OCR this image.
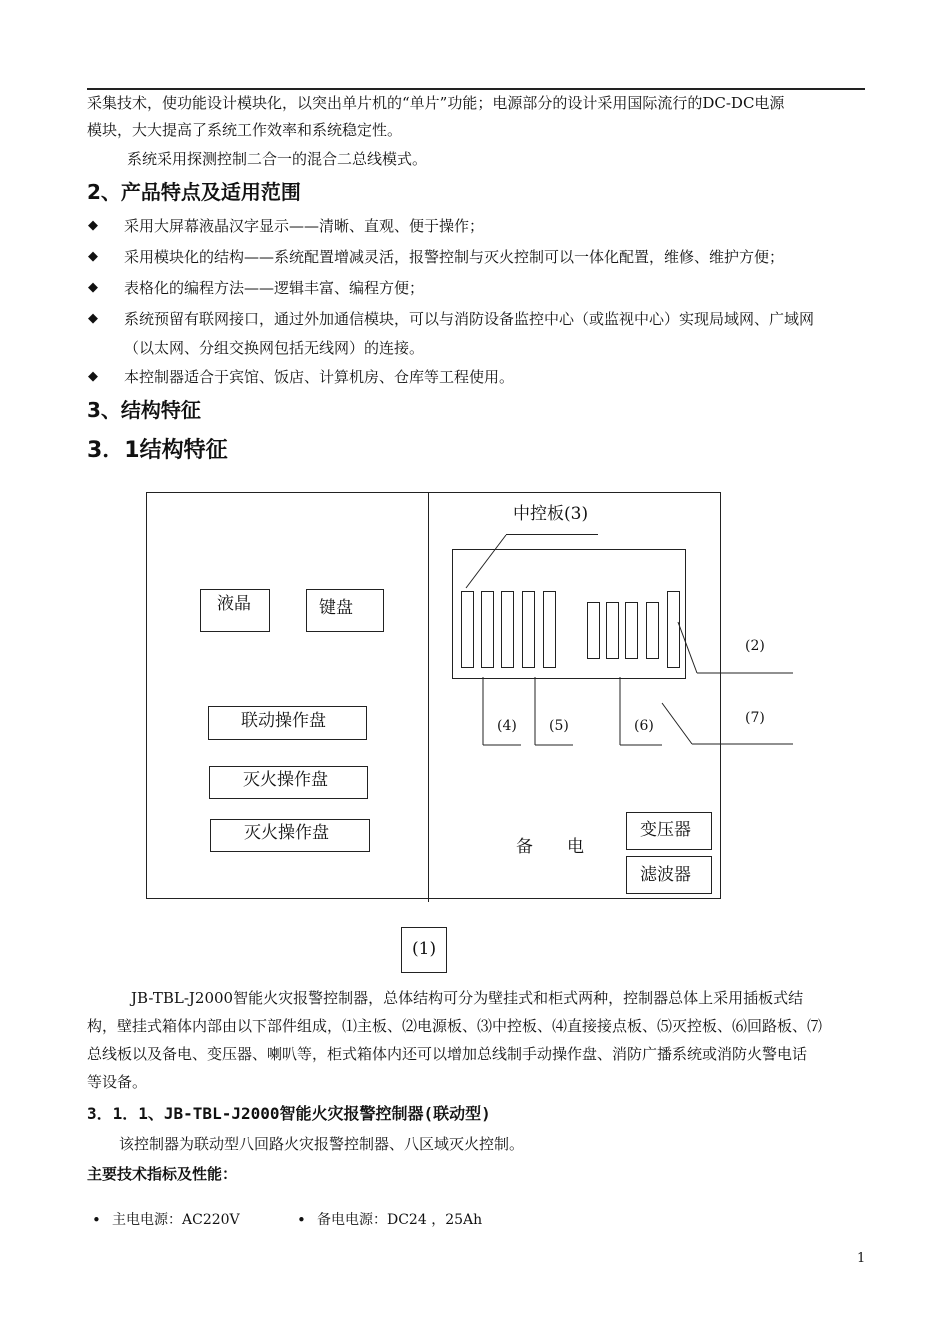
采集技术，使功能设计模块化，以突出单片机的“单片”功能；电源部分的设计采用国际流行的DC-DC电源
模块，大大提高了系统工作效率和系统稳定性。
系统采用探测控制二合一的混合二总线模式。
2、产品特点及适用范围
◆ 采用大屏幕液晶汉字显示——清晰、直观、便于操作；
◆ 采用模块化的结构——系统配置增减灵活，报警控制与灭火控制可以一体化配置，维修、维护方便；
◆ 表格化的编程方法——逻辑丰富、编程方便；
◆ 系统预留有联网接口，通过外加通信模块，可以与消防设备监控中心（或监视中心）实现局域网、广域网
（以太网、分组交换网包括无线网）的连接。
◆ 本控制器适合于宾馆、饭店、计算机房、仓库等工程使用。
3、结构特征
3．1结构特征
液晶	键盘
联动操作盘
灭火操作盘
灭火操作盘
中控板(3)
(2)
(7)
(4) (5)	(6)
备　　电
变压器
滤波器
(1)
JB-TBL-J2000智能火灾报警控制器，总体结构可分为壁挂式和柜式两种，控制器总体上采用插板式结
构，壁挂式箱体内部由以下部件组成，⑴主板、⑵电源板、⑶中控板、⑷直接接点板、⑸灭控板、⑹回路板、⑺
总线板以及备电、变压器、喇叭等，柜式箱体内还可以增加总线制手动操作盘、消防广播系统或消防火警电话
等设备。
3．1．1、JB-TBL-J2000智能火灾报警控制器(联动型)
该控制器为联动型八回路火灾报警控制器、八区域灭火控制。
主要技术指标及性能：
• 主电电源：AC220V	• 备电电源：DC24 ，25Ah
1
